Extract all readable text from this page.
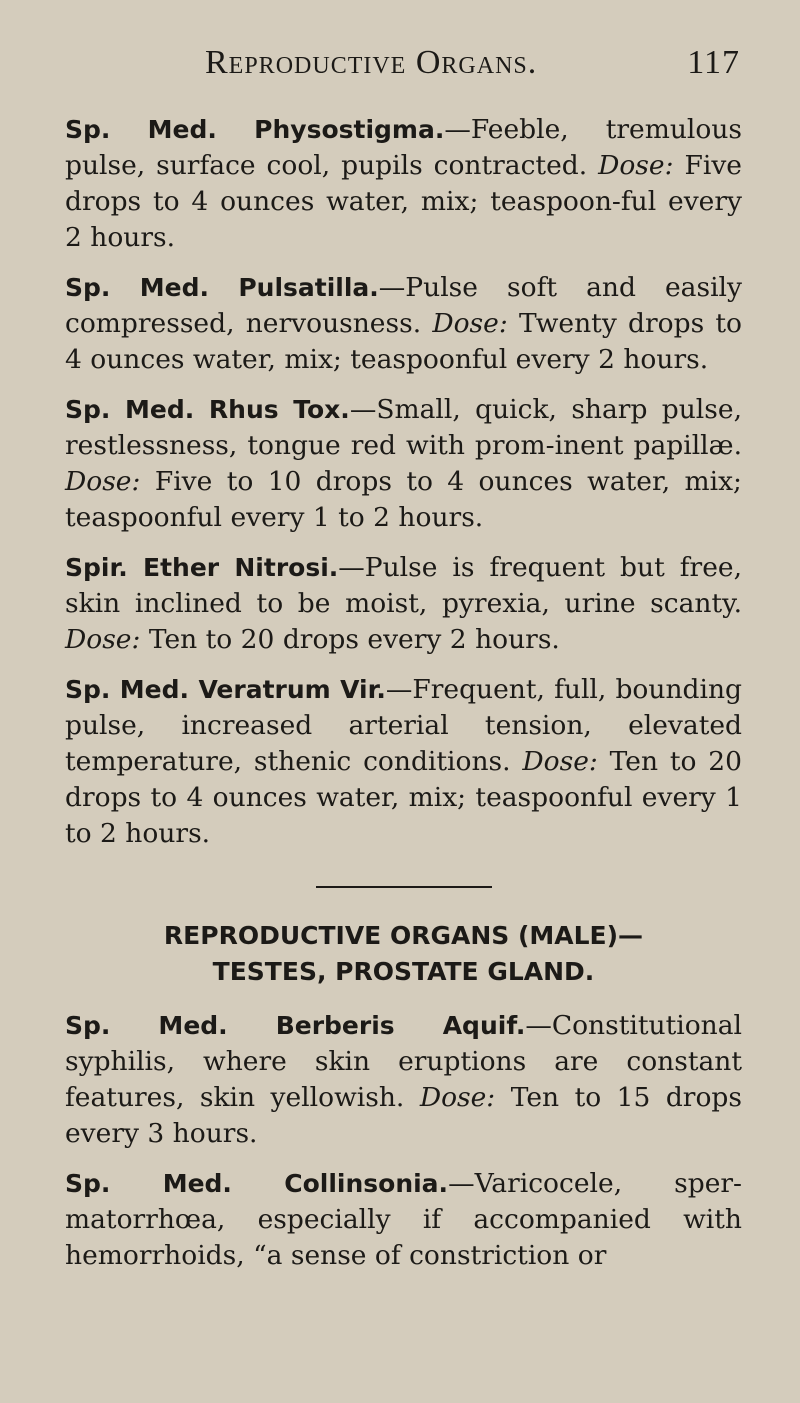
Reproductive Organs.	117

Sp. Med. Physostigma.—Feeble, tremulous pulse, surface cool, pupils contracted. Dose: Five drops to 4 ounces water, mix; teaspoon-ful every 2 hours.

Sp. Med. Pulsatilla.—Pulse soft and easily compressed, nervousness. Dose: Twenty drops to 4 ounces water, mix; teaspoonful every 2 hours.

Sp. Med. Rhus Tox.—Small, quick, sharp pulse, restlessness, tongue red with prom-inent papillæ. Dose: Five to 10 drops to 4 ounces water, mix; teaspoonful every 1 to 2 hours.

Spir. Ether Nitrosi.—Pulse is frequent but free, skin inclined to be moist, pyrexia, urine scanty. Dose: Ten to 20 drops every 2 hours.

Sp. Med. Veratrum Vir.—Frequent, full, bounding pulse, increased arterial tension, elevated temperature, sthenic conditions. Dose: Ten to 20 drops to 4 ounces water, mix; teaspoonful every 1 to 2 hours.

REPRODUCTIVE ORGANS (MALE)—
TESTES, PROSTATE GLAND.

Sp. Med. Berberis Aquif.—Constitutional syphilis, where skin eruptions are constant features, skin yellowish. Dose: Ten to 15 drops every 3 hours.

Sp. Med. Collinsonia.—Varicocele, sper-matorrhœa, especially if accompanied with hemorrhoids, “a sense of constriction or
